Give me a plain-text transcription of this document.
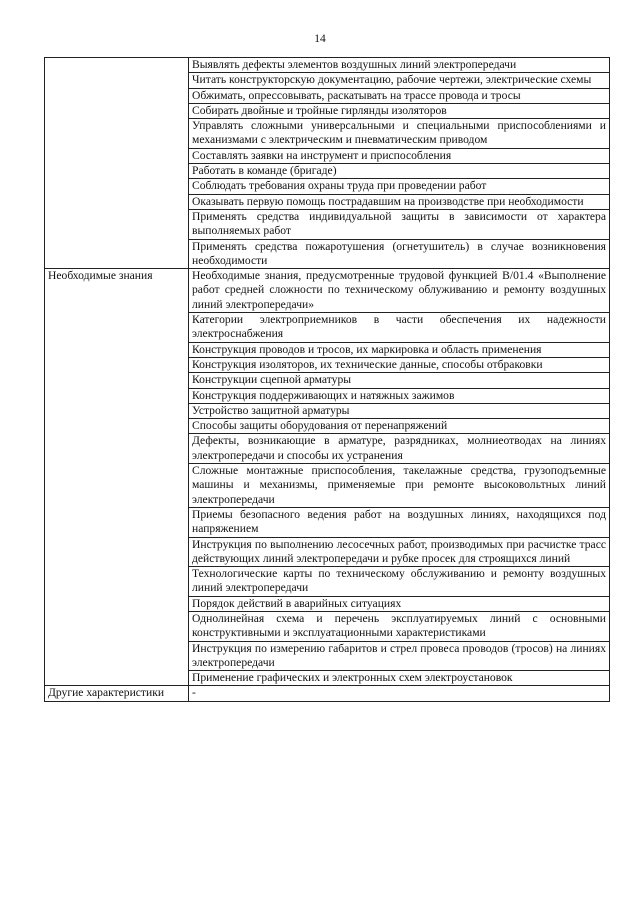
14
	Выявлять дефекты элементов воздушных линий электропередачи
	Читать конструкторскую документацию, рабочие чертежи, электрические схемы
	Обжимать, опрессовывать, раскатывать на трассе провода и тросы
	Собирать двойные и тройные гирлянды изоляторов
	Управлять сложными универсальными и специальными приспособлениями и механизмами с электрическим и пневматическим приводом
	Составлять заявки на инструмент и приспособления
	Работать в команде (бригаде)
	Соблюдать требования охраны труда при проведении работ
	Оказывать первую помощь пострадавшим на производстве при необходимости
	Применять средства индивидуальной защиты в зависимости от характера выполняемых работ
	Применять средства пожаротушения (огнетушитель) в случае возникновения необходимости
Необходимые знания	Необходимые знания, предусмотренные трудовой функцией В/01.4 «Выполнение работ средней сложности по техническому облуживанию и ремонту воздушных линий электропередачи»
	Категории электроприемников в части обеспечения их надежности электроснабжения
	Конструкция проводов и тросов, их маркировка и область применения
	Конструкция изоляторов, их технические данные, способы отбраковки
	Конструкции сцепной арматуры
	Конструкция поддерживающих и натяжных зажимов
	Устройство защитной арматуры
	Способы защиты оборудования от перенапряжений
	Дефекты, возникающие в арматуре, разрядниках, молниеотводах на линиях электропередачи и способы их устранения
	Сложные монтажные приспособления, такелажные средства, грузоподъемные машины и механизмы, применяемые при ремонте высоковольтных линий электропередачи
	Приемы безопасного ведения работ на воздушных линиях, находящихся под напряжением
	Инструкция по выполнению лесосечных работ, производимых при расчистке трасс действующих линий электропередачи и рубке просек для строящихся линий
	Технологические карты по техническому обслуживанию и ремонту воздушных линий электропередачи
	Порядок действий в аварийных ситуациях
	Однолинейная схема и перечень эксплуатируемых линий с основными конструктивными и эксплуатационными характеристиками
	Инструкция по измерению габаритов и стрел провеса проводов (тросов) на линиях электропередачи
	Применение графических и электронных схем электроустановок
Другие характеристики	-
